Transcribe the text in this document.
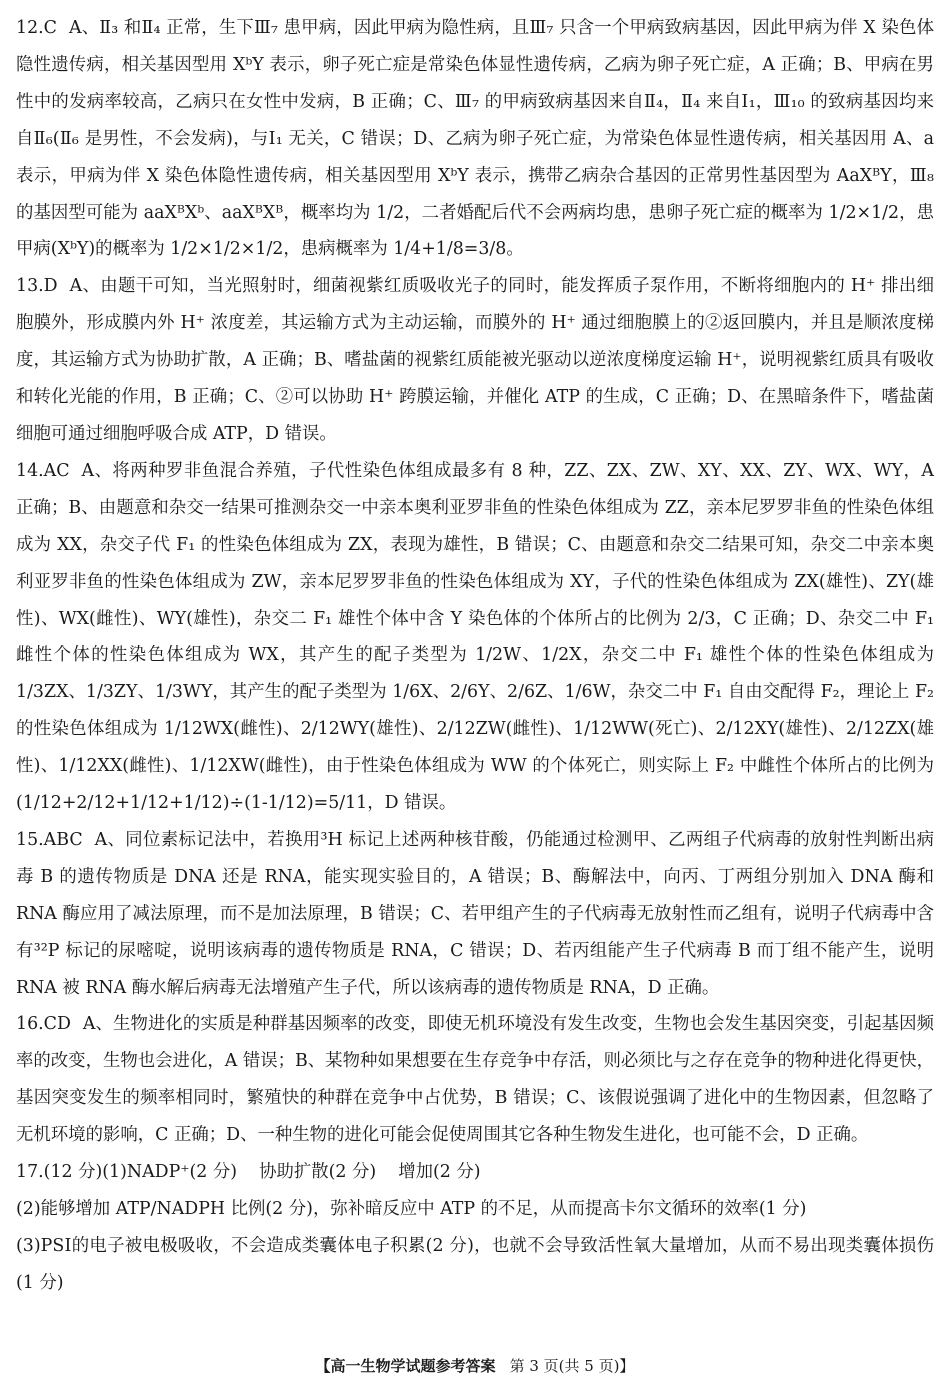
12.C A、Ⅱ₃ 和Ⅱ₄ 正常，生下Ⅲ₇ 患甲病，因此甲病为隐性病，且Ⅲ₇ 只含一个甲病致病基因，因此甲病为伴 X 染色体隐性遗传病，相关基因型用 XᵇY 表示，卵子死亡症是常染色体显性遗传病，乙病为卵子死亡症，A 正确；B、甲病在男性中的发病率较高，乙病只在女性中发病，B 正确；C、Ⅲ₇ 的甲病致病基因来自Ⅱ₄，Ⅱ₄ 来自Ⅰ₁，Ⅲ₁₀ 的致病基因均来自Ⅱ₆(Ⅱ₆ 是男性，不会发病)，与Ⅰ₁ 无关，C 错误；D、乙病为卵子死亡症，为常染色体显性遗传病，相关基因用 A、a 表示，甲病为伴 X 染色体隐性遗传病，相关基因型用 XᵇY 表示，携带乙病杂合基因的正常男性基因型为 AaXᴮY，Ⅲ₈ 的基因型可能为 aaXᴮXᵇ、aaXᴮXᴮ，概率均为 1/2，二者婚配后代不会两病均患，患卵子死亡症的概率为 1/2×1/2，患甲病(XᵇY)的概率为 1/2×1/2×1/2，患病概率为 1/4+1/8=3/8。

13.D A、由题干可知，当光照射时，细菌视紫红质吸收光子的同时，能发挥质子泵作用，不断将细胞内的 H⁺ 排出细胞膜外，形成膜内外 H⁺ 浓度差，其运输方式为主动运输，而膜外的 H⁺ 通过细胞膜上的②返回膜内，并且是顺浓度梯度，其运输方式为协助扩散，A 正确；B、嗜盐菌的视紫红质能被光驱动以逆浓度梯度运输 H⁺，说明视紫红质具有吸收和转化光能的作用，B 正确；C、②可以协助 H⁺ 跨膜运输，并催化 ATP 的生成，C 正确；D、在黑暗条件下，嗜盐菌细胞可通过细胞呼吸合成 ATP，D 错误。

14.AC A、将两种罗非鱼混合养殖，子代性染色体组成最多有 8 种，ZZ、ZX、ZW、XY、XX、ZY、WX、WY，A 正确；B、由题意和杂交一结果可推测杂交一中亲本奥利亚罗非鱼的性染色体组成为 ZZ，亲本尼罗罗非鱼的性染色体组成为 XX，杂交子代 F₁ 的性染色体组成为 ZX，表现为雄性，B 错误；C、由题意和杂交二结果可知，杂交二中亲本奥利亚罗非鱼的性染色体组成为 ZW，亲本尼罗罗非鱼的性染色体组成为 XY，子代的性染色体组成为 ZX(雄性)、ZY(雄性)、WX(雌性)、WY(雄性)，杂交二 F₁ 雄性个体中含 Y 染色体的个体所占的比例为 2/3，C 正确；D、杂交二中 F₁ 雌性个体的性染色体组成为 WX，其产生的配子类型为 1/2W、1/2X，杂交二中 F₁ 雄性个体的性染色体组成为 1/3ZX、1/3ZY、1/3WY，其产生的配子类型为 1/6X、2/6Y、2/6Z、1/6W，杂交二中 F₁ 自由交配得 F₂，理论上 F₂ 的性染色体组成为 1/12WX(雌性)、2/12WY(雄性)、2/12ZW(雌性)、1/12WW(死亡)、2/12XY(雄性)、2/12ZX(雄性)、1/12XX(雌性)、1/12XW(雌性)，由于性染色体组成为 WW 的个体死亡，则实际上 F₂ 中雌性个体所占的比例为(1/12+2/12+1/12+1/12)÷(1-1/12)=5/11，D 错误。

15.ABC A、同位素标记法中，若换用³H 标记上述两种核苷酸，仍能通过检测甲、乙两组子代病毒的放射性判断出病毒 B 的遗传物质是 DNA 还是 RNA，能实现实验目的，A 错误；B、酶解法中，向丙、丁两组分别加入 DNA 酶和 RNA 酶应用了减法原理，而不是加法原理，B 错误；C、若甲组产生的子代病毒无放射性而乙组有，说明子代病毒中含有³²P 标记的尿嘧啶，说明该病毒的遗传物质是 RNA，C 错误；D、若丙组能产生子代病毒 B 而丁组不能产生，说明 RNA 被 RNA 酶水解后病毒无法增殖产生子代，所以该病毒的遗传物质是 RNA，D 正确。

16.CD A、生物进化的实质是种群基因频率的改变，即使无机环境没有发生改变，生物也会发生基因突变，引起基因频率的改变，生物也会进化，A 错误；B、某物种如果想要在生存竞争中存活，则必须比与之存在竞争的物种进化得更快，基因突变发生的频率相同时，繁殖快的种群在竞争中占优势，B 错误；C、该假说强调了进化中的生物因素，但忽略了无机环境的影响，C 正确；D、一种生物的进化可能会促使周围其它各种生物发生进化，也可能不会，D 正确。

17.(12 分)(1)NADP⁺(2 分) 协助扩散(2 分) 增加(2 分)

(2)能够增加 ATP/NADPH 比例(2 分)，弥补暗反应中 ATP 的不足，从而提高卡尔文循环的效率(1 分)

(3)PSⅠ的电子被电极吸收，不会造成类囊体电子积累(2 分)，也就不会导致活性氧大量增加，从而不易出现类囊体损伤(1 分)

【高一生物学试题参考答案 第 3 页(共 5 页)】
